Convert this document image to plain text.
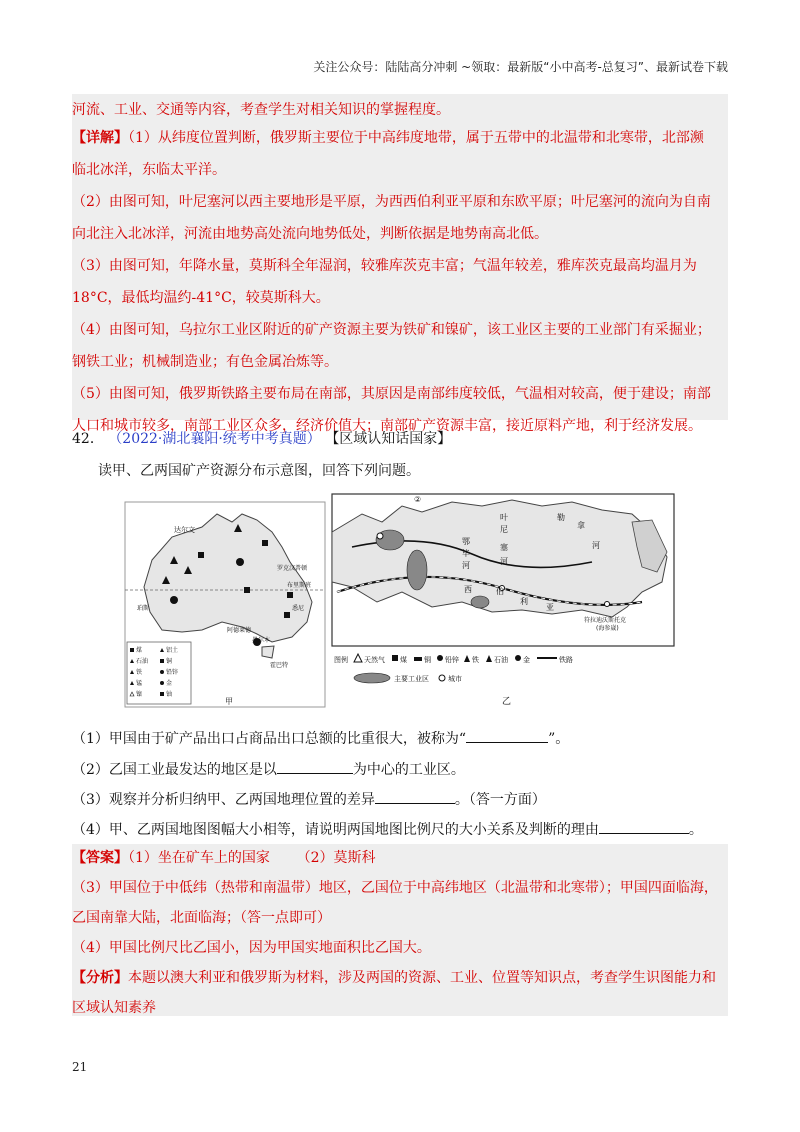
关注公众号：陆陆高分冲刺 ~领取：最新版“小中高考-总复习”、最新试卷下载

河流、工业、交通等内容，考查学生对相关知识的掌握程度。

【详解】（1）从纬度位置判断，俄罗斯主要位于中高纬度地带，属于五带中的北温带和北寒带，北部濒

临北冰洋，东临太平洋。

（2）由图可知，叶尼塞河以西主要地形是平原，为西西伯利亚平原和东欧平原；叶尼塞河的流向为自南

向北注入北冰洋，河流由地势高处流向地势低处，判断依据是地势南高北低。

（3）由图可知，年降水量，莫斯科全年湿润，较雅库茨克丰富；气温年较差，雅库茨克最高均温月为

18°C，最低均温约-41°C，较莫斯科大。

（4）由图可知，乌拉尔工业区附近的矿产资源主要为铁矿和镍矿，该工业区主要的工业部门有采掘业；

钢铁工业；机械制造业；有色金属冶炼等。

（5）由图可知，俄罗斯铁路主要布局在南部，其原因是南部纬度较低，气温相对较高，便于建设；南部

人口和城市较多，南部工业区众多，经济价值大；南部矿产资源丰富，接近原料产地，利于经济发展。

42． （2022·湖北襄阳·统考中考真题） 【区域认知话国家】
读甲、乙两国矿产资源分布示意图，回答下列问题。
达尔文
罗克汉普顿
布里斯班
悉尼
阿德莱德
珀斯
墨尔本
霍巴特
煤	铝土
石油	铜
铁	铅锌
锰	金
镍	铀
甲
②
叶
尼
塞
河
鄂
毕
河
勒
拿
河
西	伯
利
亚
符拉迪沃斯托克
(海参崴)
图例 天然气 煤 铜 铅锌 铁 石油 金	铁路
主要工业区	城市
乙
（1）甲国由于矿产品出口占商品出口总额的比重很大，被称为“	”。
（2）乙国工业最发达的地区是以	为中心的工业区。
（3）观察并分析归纳甲、乙两国地理位置的差异	。（答一方面）
（4）甲、乙两国地图图幅大小相等，请说明两国地图比例尺的大小关系及判断的理由	。

【答案】（1）坐在矿车上的国家 （2）莫斯科

（3）甲国位于中低纬（热带和南温带）地区，乙国位于中高纬地区（北温带和北寒带）；甲国四面临海，

乙国南靠大陆，北面临海；（答一点即可）

（4）甲国比例尺比乙国小，因为甲国实地面积比乙国大。

【分析】本题以澳大利亚和俄罗斯为材料，涉及两国的资源、工业、位置等知识点，考查学生识图能力和

区域认知素养

21
